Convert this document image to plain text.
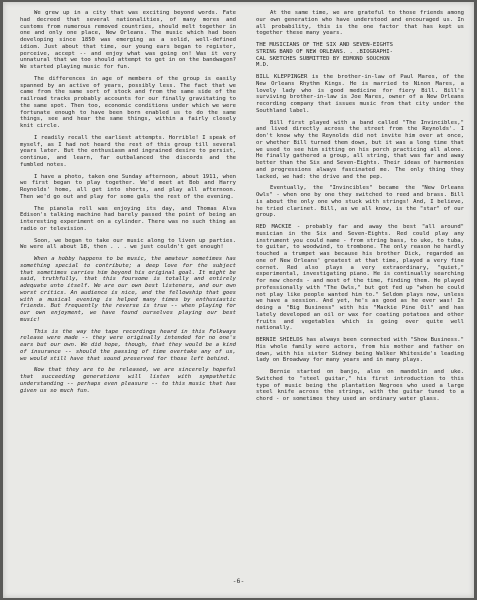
We grew up in a city that was exciting beyond words. Fate had decreed that several nationalities, of many mores and customs from numerous removed countries, should melt together in one and only one place, New Orleans. The music which had been developing since 1850 was emerging as a solid, well-defined idiom. Just about that time, our young ears began to register, perceive, accept -- and enjoy what was going on! Was it very unnatural that we too should attempt to get in on the bandwagon? We started playing music for fun.

The differences in age of members of the group is easily spanned by an active of years, possibly less. The fact that we came from the same sort of stock and from the same side of the railroad tracks probably accounts for our finally gravitating to the same spot. Then too, economic conditions under which we were fortunate enough to have been born enabled us to do the same things, see and hear the same things, within a fairly closely knit circle.

I readily recall the earliest attempts. Horrible! I speak of myself, as I had not heard the rest of this group till several years later. But the enthusiasm and ingrained desire to persist, continue, and learn, far outbalanced the discords and the fumbled notes.

I have a photo, taken one Sunday afternoon, about 1911, when we first began to play together. We'd meet at Bob and Harry Reynolds' home, all get into shorts, and play all afternoon. Then we'd go out and play for some gals the rest of the evening.

The pianola roll was enjoying its day, and Thomas Alva Edison's talking machine had barely passed the point of being an interesting experiment on a cylinder. There was no such thing as radio or television.

Soon, we began to take our music along to liven up parties. We were all about 18, then . . . we just couldn't get enough!

When a hobby happens to be music, the amateur sometimes has something special to contribute; a deep love for the subject that sometimes carries him beyond his original goal. It might be said, truthfully, that this foursome is totally and entirely adequate unto itself. We are our own best listeners, and our own worst critics. An audience is nice, and the fellowship that goes with a musical evening is helped many times by enthusiastic friends. But frequently the reverse is true -- when playing for our own enjoyment, we have found ourselves playing our best music!

This is the way the tape recordings heard in this Folkways release were made -- they were originally intended for no one's ears but our own. We did hope, though, that they would be a kind of insurance -- should the passing of time overtake any of us, we would still have that sound preserved for those left behind.

Now that they are to be released, we are sincerely hopeful that succeeding generations will listen with sympathetic understanding -- perhaps even pleasure -- to this music that has given us so much fun.

At the same time, we are grateful to those friends among our own generation who have understood and encouraged us. In all probability, this is the one factor that has kept us together these many years.

THE MUSICIANS OF THE SIX AND SEVEN-EIGHTS
STRING BAND OF NEW ORLEANS. . .BIOGRAPHI-
CAL SKETCHES SUBMITTED BY EDMOND SOUCHON
M.D.

BILL KLEPPINGER is the brother-in-law of Paul Mares, of the New Orleans Rhythm Kings. He is married to Ninon Mares, a lovely lady who is good medicine for fiery Bill. Bill's surviving brother-in-law is Joe Mares, owner of a New Orleans recording company that issues music from that city under the Southland label.

Bill first played with a band called "The Invincibles," and lived directly across the street from the Reynolds'. I don't know why the Reynolds did not invite him over at once, or whether Bill turned them down, but it was a long time that we used to see him sitting on his porch practicing all alone. He finally gathered a group, all string, that was far and away better than the Six and Seven-Eights. Their ideas of harmonies and progressions always fascinated me. The only thing they lacked, we had: the drive and the pep.

Eventually, the "Invincibles" became the "New Orleans Owls" - when one by one they switched to reed and brass. Bill is about the only one who stuck with strings! And, I believe, he tried clarinet. Bill, as we all know, is the "star" of our group.

RED MACKIE - probably far and away the best "all around" musician in the Six and Seven-Eights. Red could play any instrument you could name - from string bass, to uke, to tuba, to guitar, to woodwind, to trombone. The only reason he hardly touched a trumpet was because his brother Dick, regarded as one of New Orleans' greatest at that time, played a very fine cornet. Red also plays a very extraordinary, "quiet," experimental, investigating piano. He is continually searching for new chords - and most of the time, finding them. He played professionally with "The Owls," but got fed up "when he could not play like people wanted him to." Seldom plays now, unless we have a session. And yet, he's as good as he ever was! Is doing a "Big Business" with his "Mackie Pine Oil" and has lately developed an oil or wax for coating potatoes and other fruits and vegetables which is going over quite well nationally.

BERNIE SHIELDS has always been connected with "Show Business." His whole family were actors, from his mother and father on down, with his sister Sidney being Walker Whiteside's leading lady on Broadway for many years and in many plays.

Bernie started on banjo, also on mandolin and uke. Switched to "steel guitar," his first introduction to this type of music being the plantation Negroes who used a large steel knife across the strings, with the guitar tuned to a chord - or sometimes they used an ordinary water glass.

-6-
